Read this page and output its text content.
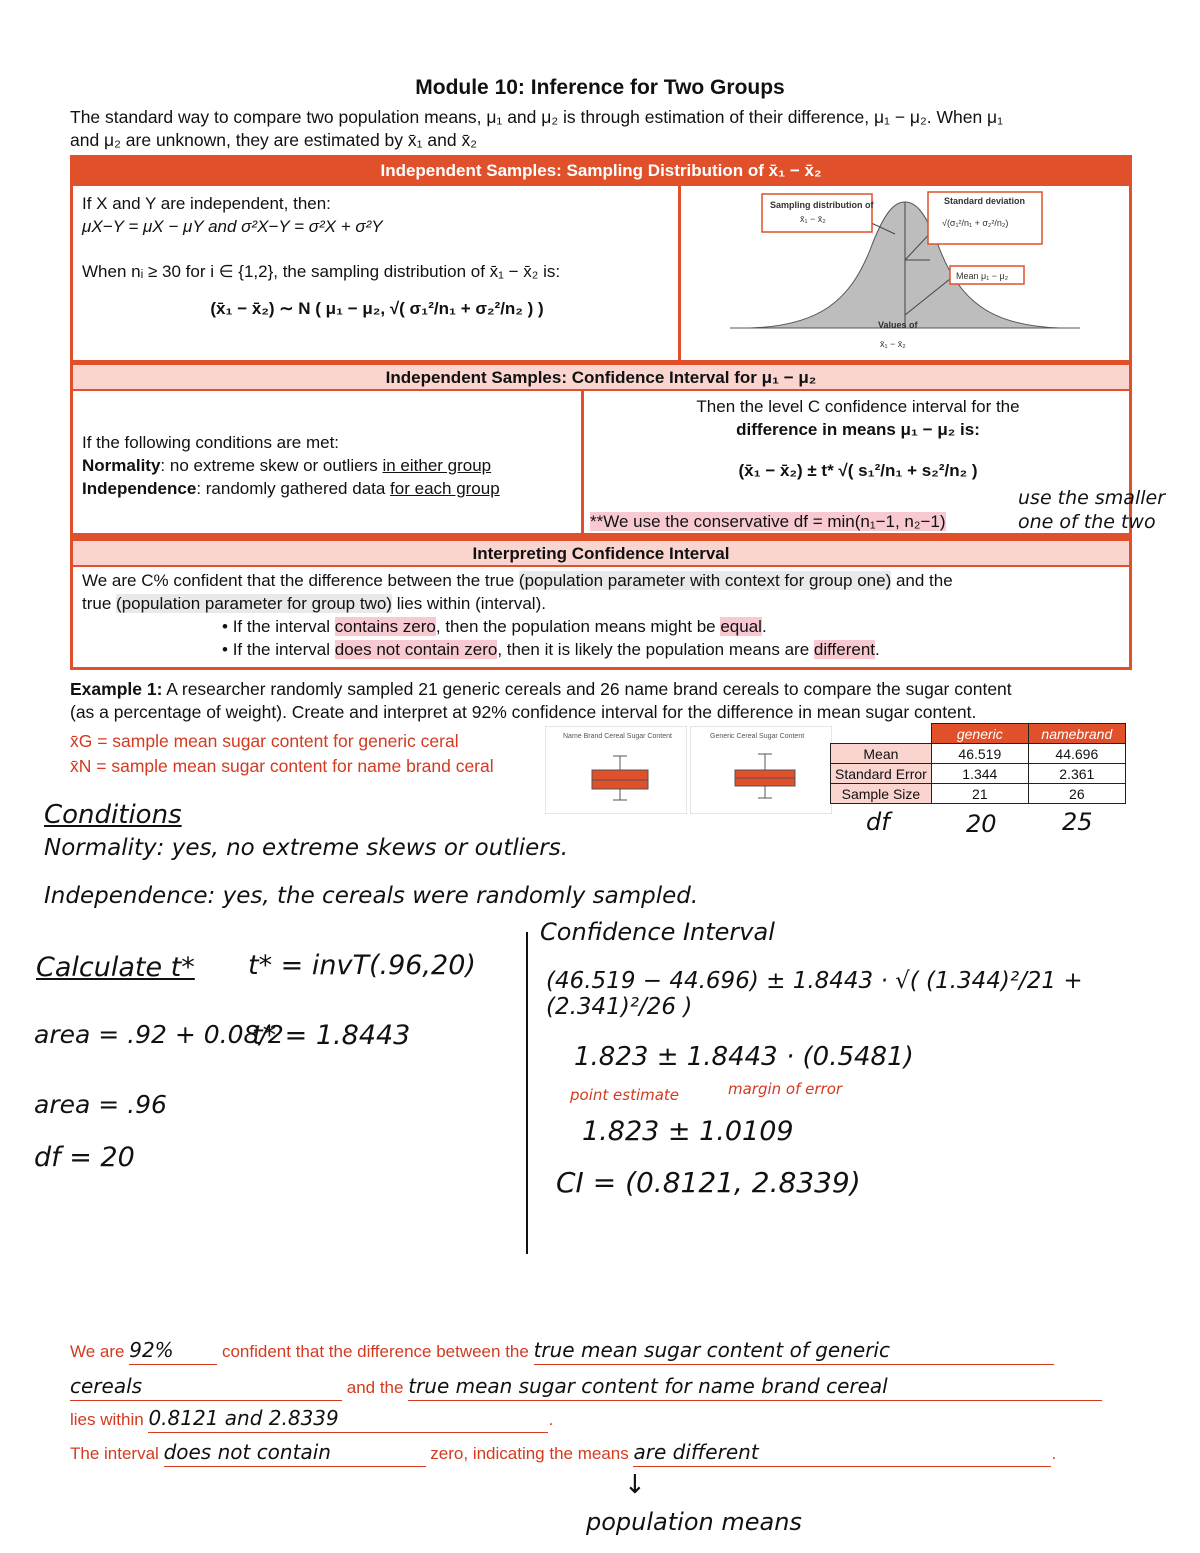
Module 10: Inference for Two Groups
The standard way to compare two population means, μ₁ and μ₂ is through estimation of their difference, μ₁ − μ₂. When μ₁
and μ₂ are unknown, they are estimated by x̄₁ and x̄₂
Independent Samples: Sampling Distribution of x̄₁ − x̄₂
If X and Y are independent, then:
μX−Y = μX − μY and σ²X−Y = σ²X + σ²Y
When nᵢ ≥ 30 for i ∈ {1,2}, the sampling distribution of x̄₁ − x̄₂ is:
(x̄₁ − x̄₂) ∼ N ( μ₁ − μ₂, √( σ₁²/n₁ + σ₂²/n₂ ) )
Sampling distribution of
x̄₁ − x̄₂
Standard deviation
√(σ₁²/n₁ + σ₂²/n₂)
Mean μ₁ − μ₂
Values of
x̄₁ − x̄₂
Independent Samples: Confidence Interval for μ₁ − μ₂
If the following conditions are met:
Normality: no extreme skew or outliers in either group
Independence: randomly gathered data for each group
Then the level C confidence interval for the
difference in means μ₁ − μ₂ is:
(x̄₁ − x̄₂) ± t* √( s₁²/n₁ + s₂²/n₂ )
**We use the conservative df = min(n₁−1, n₂−1)
Interpreting Confidence Interval
We are C% confident that the difference between the true (population parameter with context for group one) and the
true (population parameter for group two) lies within (interval).
• If the interval contains zero, then the population means might be equal.
• If the interval does not contain zero, then it is likely the population means are different.
Example 1: A researcher randomly sampled 21 generic cereals and 26 name brand cereals to compare the sugar content
(as a percentage of weight). Create and interpret at 92% confidence interval for the difference in mean sugar content.
x̄G = sample mean sugar content for generic ceral
x̄N = sample mean sugar content for name brand ceral
Name Brand Cereal Sugar Content	Generic Cereal Sugar Content
		generic	namebrand
Mean	46.519	44.696
Standard Error	1.344	2.361
Sample Size	21	26
df	20	25
use the smaller one of the two
Conditions
Normality: yes, no extreme skews or outliers.
Independence: yes, the cereals were randomly sampled.
Calculate t* t* = invT(.96,20)
area = .92 + 0.08/2
t* = 1.8443
area = .96
df = 20
Confidence Interval
(46.519 − 44.696) ± 1.8443 · √( (1.344)²/21 + (2.341)²/26 )
1.823 ± 1.8443 · (0.5481)
point estimate	margin of error
1.823 ± 1.0109
CI = (0.8121, 2.8339)
We are 92%	confident that the difference between the true mean sugar content of generic
cereals	and the true mean sugar content for name brand cereal
lies within 0.8121 and 2.8339	.
The interval does not contain	zero, indicating the means are different	.
↓
population means
